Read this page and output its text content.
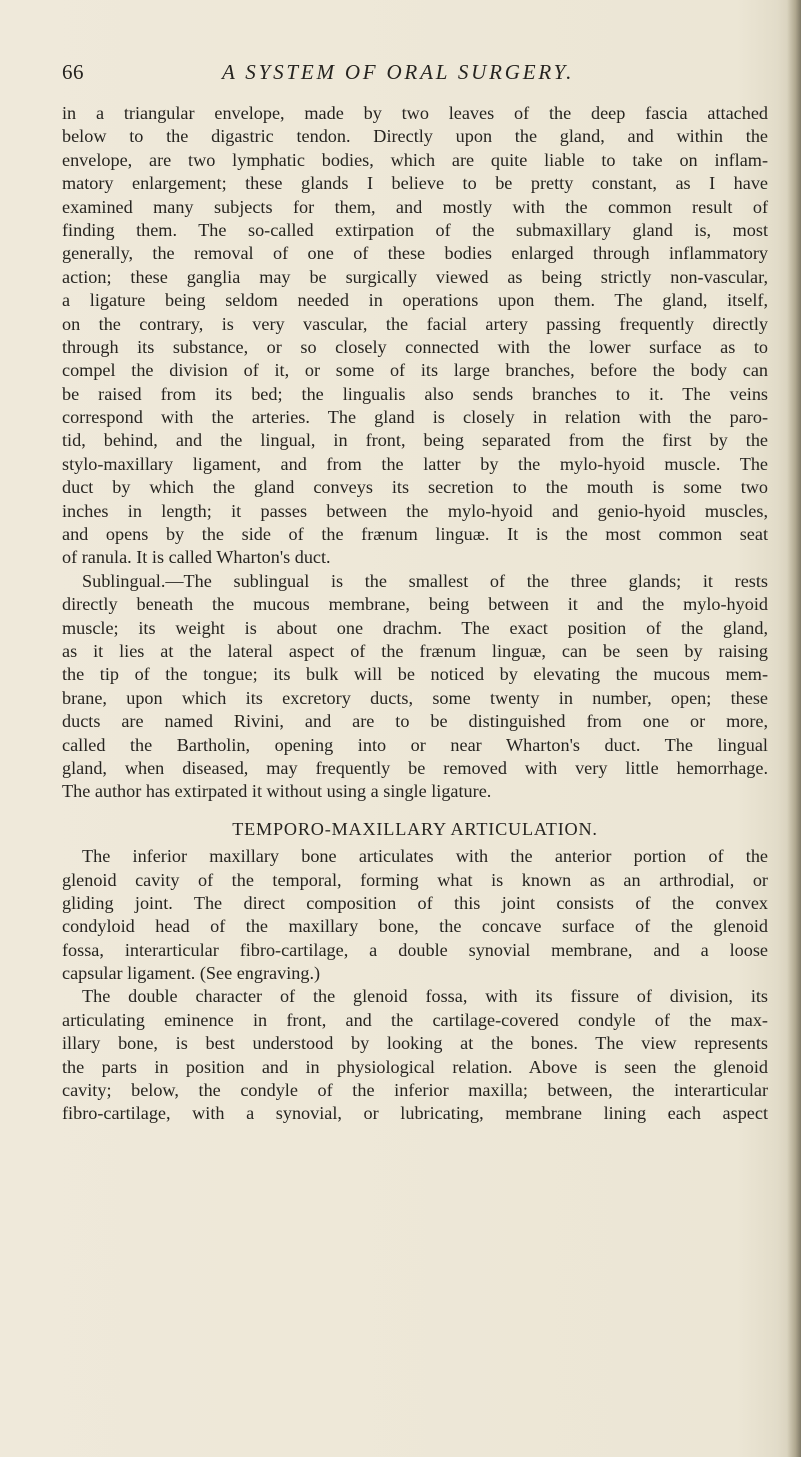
66	A SYSTEM OF ORAL SURGERY.
in a triangular envelope, made by two leaves of the deep fascia attached
below to the digastric tendon. Directly upon the gland, and within the
envelope, are two lymphatic bodies, which are quite liable to take on inflam-
matory enlargement; these glands I believe to be pretty constant, as I have
examined many subjects for them, and mostly with the common result of
finding them. The so-called extirpation of the submaxillary gland is, most
generally, the removal of one of these bodies enlarged through inflammatory
action; these ganglia may be surgically viewed as being strictly non-vascular,
a ligature being seldom needed in operations upon them. The gland, itself,
on the contrary, is very vascular, the facial artery passing frequently directly
through its substance, or so closely connected with the lower surface as to
compel the division of it, or some of its large branches, before the body can
be raised from its bed; the lingualis also sends branches to it. The veins
correspond with the arteries. The gland is closely in relation with the paro-
tid, behind, and the lingual, in front, being separated from the first by the
stylo-maxillary ligament, and from the latter by the mylo-hyoid muscle. The
duct by which the gland conveys its secretion to the mouth is some two
inches in length; it passes between the mylo-hyoid and genio-hyoid muscles,
and opens by the side of the frænum linguæ. It is the most common seat
of ranula. It is called Wharton's duct.
Sublingual.—The sublingual is the smallest of the three glands; it rests
directly beneath the mucous membrane, being between it and the mylo-hyoid
muscle; its weight is about one drachm. The exact position of the gland,
as it lies at the lateral aspect of the frænum linguæ, can be seen by raising
the tip of the tongue; its bulk will be noticed by elevating the mucous mem-
brane, upon which its excretory ducts, some twenty in number, open; these
ducts are named Rivini, and are to be distinguished from one or more,
called the Bartholin, opening into or near Wharton's duct. The lingual
gland, when diseased, may frequently be removed with very little hemorrhage.
The author has extirpated it without using a single ligature.
TEMPORO-MAXILLARY ARTICULATION.
The inferior maxillary bone articulates with the anterior portion of the
glenoid cavity of the temporal, forming what is known as an arthrodial, or
gliding joint. The direct composition of this joint consists of the convex
condyloid head of the maxillary bone, the concave surface of the glenoid
fossa, interarticular fibro-cartilage, a double synovial membrane, and a loose
capsular ligament. (See engraving.)
The double character of the glenoid fossa, with its fissure of division, its
articulating eminence in front, and the cartilage-covered condyle of the max-
illary bone, is best understood by looking at the bones. The view represents
the parts in position and in physiological relation. Above is seen the glenoid
cavity; below, the condyle of the inferior maxilla; between, the interarticular
fibro-cartilage, with a synovial, or lubricating, membrane lining each aspect
